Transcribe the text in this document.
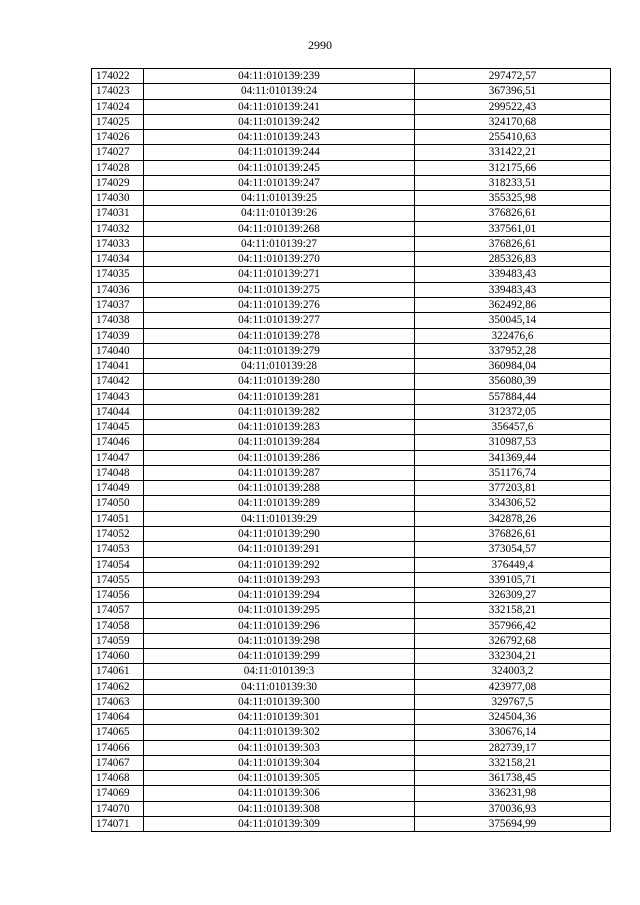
2990
174022	04:11:010139:239	297472,57
174023	04:11:010139:24	367396,51
174024	04:11:010139:241	299522,43
174025	04:11:010139:242	324170,68
174026	04:11:010139:243	255410,63
174027	04:11:010139:244	331422,21
174028	04:11:010139:245	312175,66
174029	04:11:010139:247	318233,51
174030	04:11:010139:25	355325,98
174031	04:11:010139:26	376826,61
174032	04:11:010139:268	337561,01
174033	04:11:010139:27	376826,61
174034	04:11:010139:270	285326,83
174035	04:11:010139:271	339483,43
174036	04:11:010139:275	339483,43
174037	04:11:010139:276	362492,86
174038	04:11:010139:277	350045,14
174039	04:11:010139:278	322476,6
174040	04:11:010139:279	337952,28
174041	04:11:010139:28	360984,04
174042	04:11:010139:280	356080,39
174043	04:11:010139:281	557884,44
174044	04:11:010139:282	312372,05
174045	04:11:010139:283	356457,6
174046	04:11:010139:284	310987,53
174047	04:11:010139:286	341369,44
174048	04:11:010139:287	351176,74
174049	04:11:010139:288	377203,81
174050	04:11:010139:289	334306,52
174051	04:11:010139:29	342878,26
174052	04:11:010139:290	376826,61
174053	04:11:010139:291	373054,57
174054	04:11:010139:292	376449,4
174055	04:11:010139:293	339105,71
174056	04:11:010139:294	326309,27
174057	04:11:010139:295	332158,21
174058	04:11:010139:296	357966,42
174059	04:11:010139:298	326792,68
174060	04:11:010139:299	332304,21
174061	04:11:010139:3	324003,2
174062	04:11:010139:30	423977,08
174063	04:11:010139:300	329767,5
174064	04:11:010139:301	324504,36
174065	04:11:010139:302	330676,14
174066	04:11:010139:303	282739,17
174067	04:11:010139:304	332158,21
174068	04:11:010139:305	361738,45
174069	04:11:010139:306	336231,98
174070	04:11:010139:308	370036,93
174071	04:11:010139:309	375694,99
